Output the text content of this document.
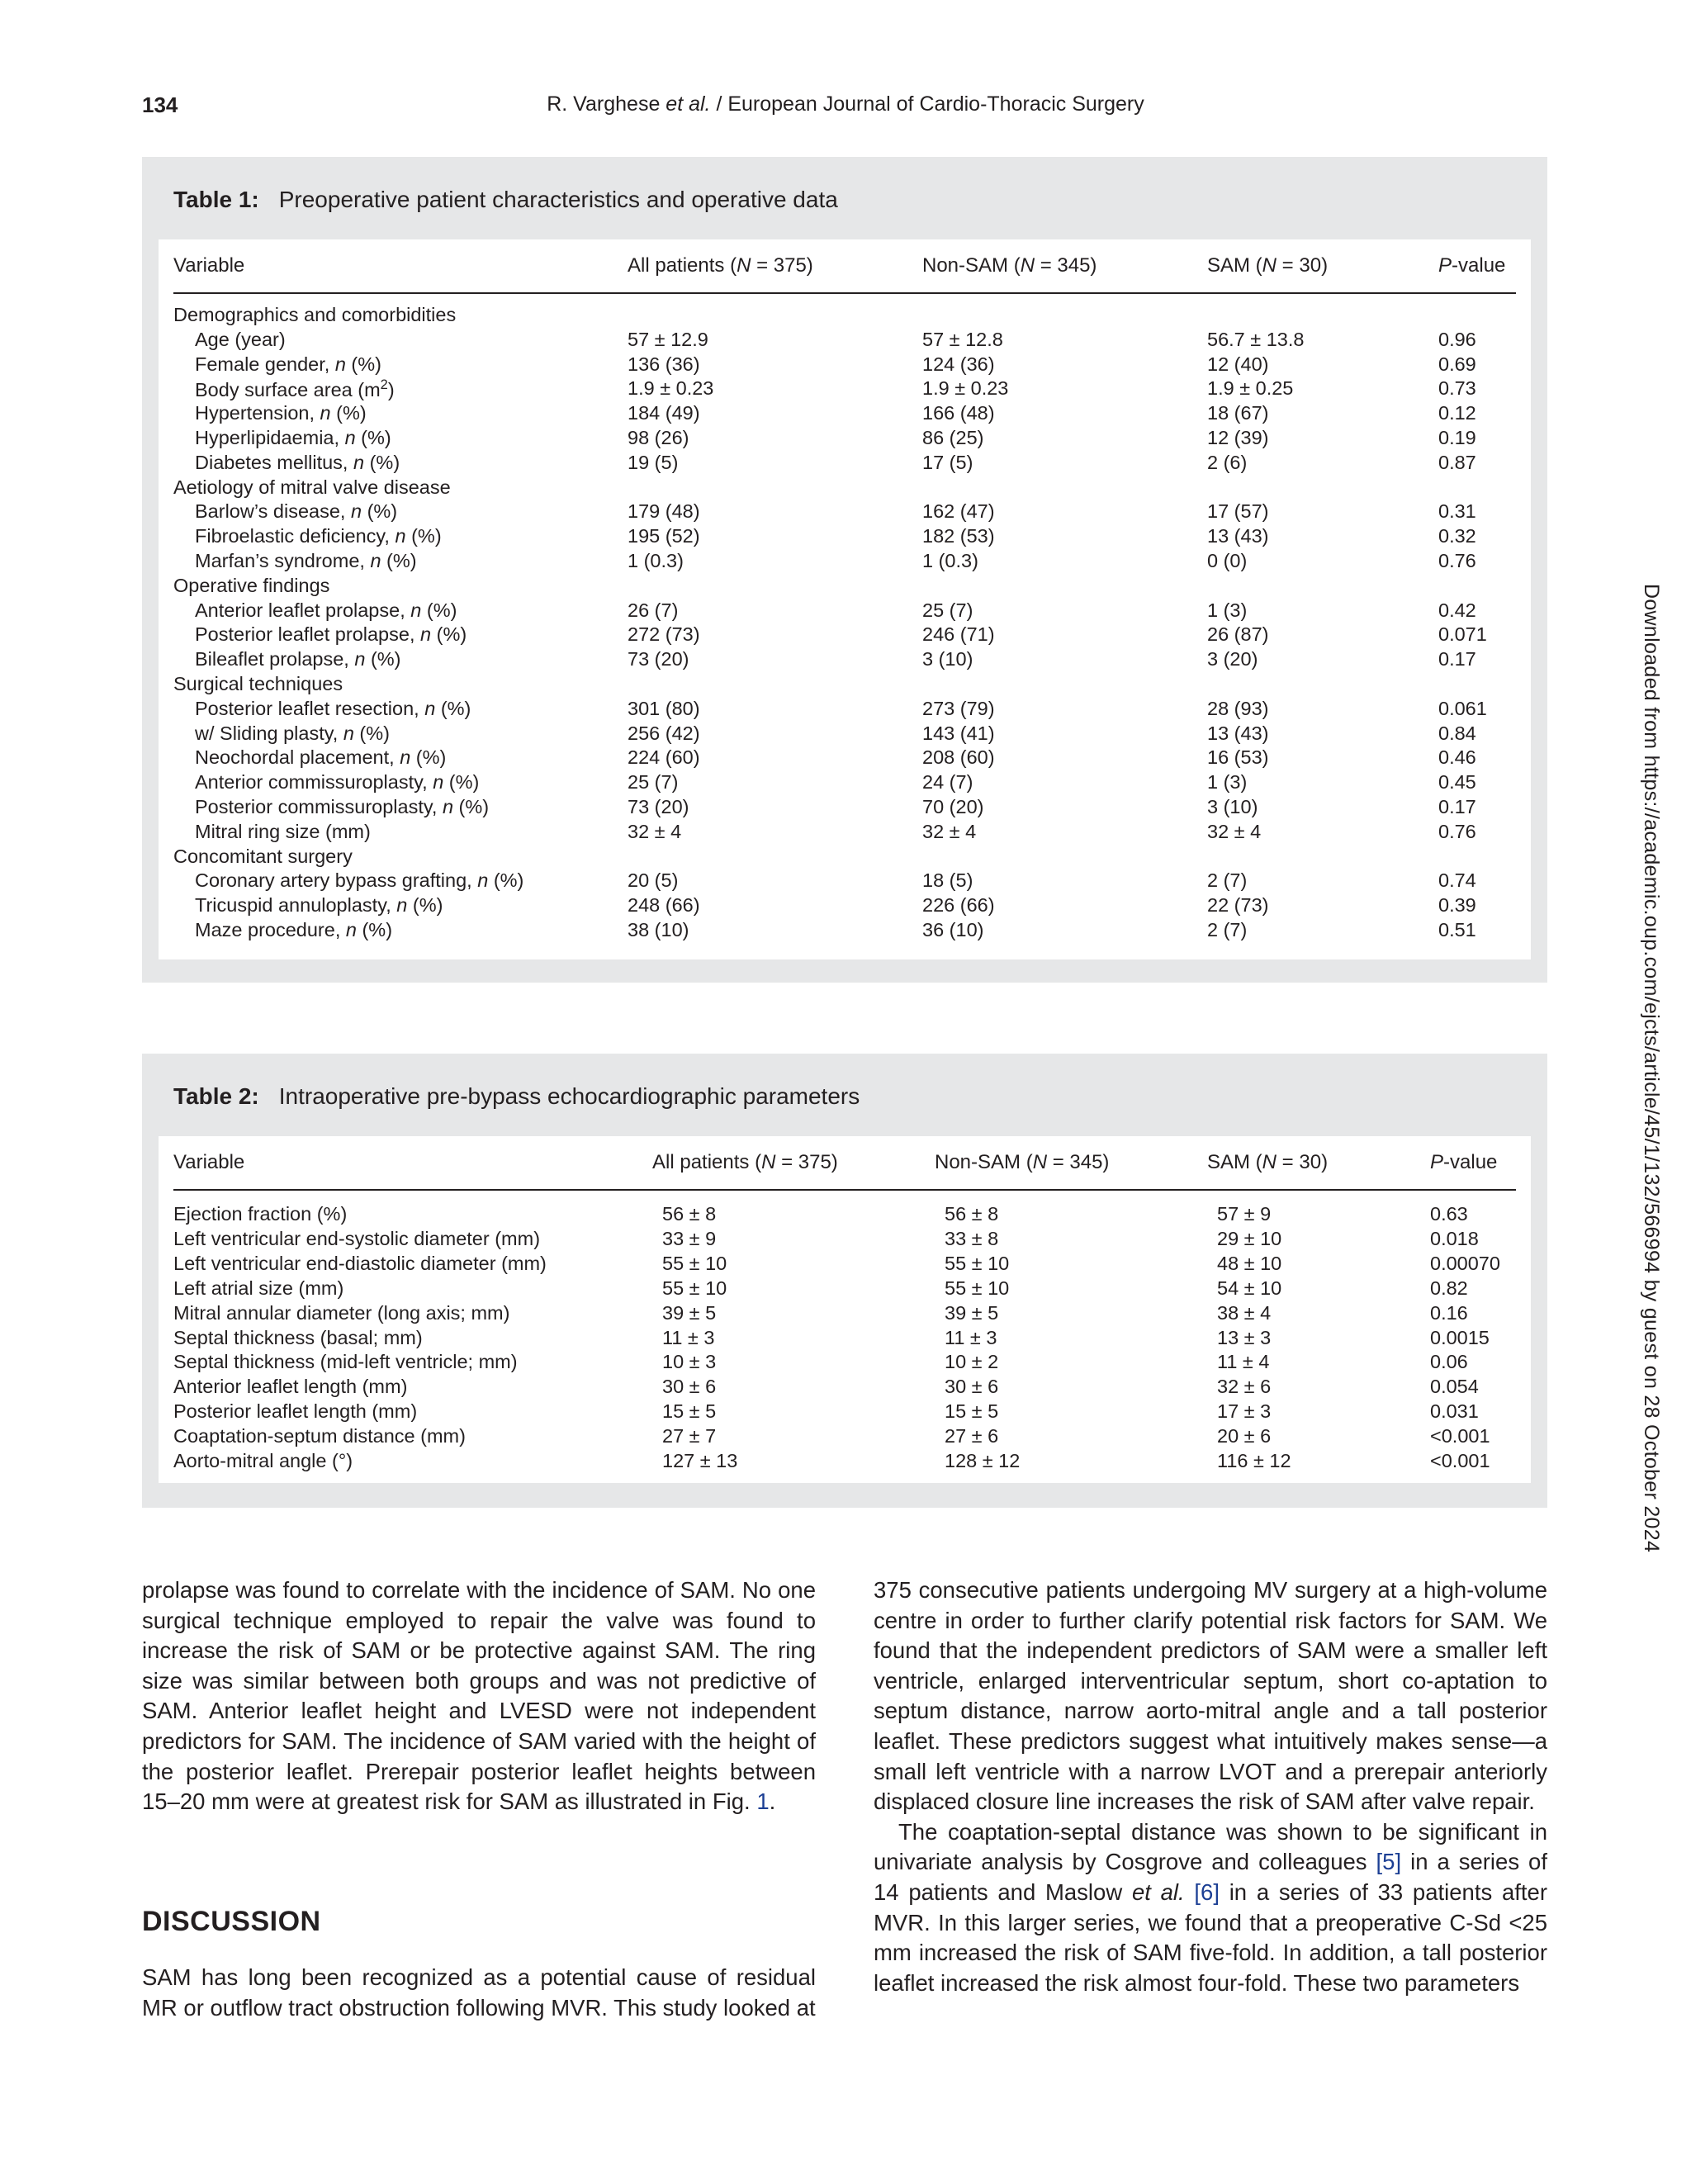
134	R. Varghese et al. / European Journal of Cardio-Thoracic Surgery
Table 1: Preoperative patient characteristics and operative data
Variable	All patients (N = 375)	Non-SAM (N = 345)	SAM (N = 30)	P-value
Demographics and comorbidities
Age (year)	57 ± 12.9	57 ± 12.8	56.7 ± 13.8	0.96
Female gender, n (%)	136 (36)	124 (36)	12 (40)	0.69
Body surface area $(m^2)$	1.9 ± 0.23	1.9 ± 0.23	1.9 ± 0.25	0.73
Hypertension, n (%)	184 (49)	166 (48)	18 (67)	0.12
Hyperlipidaemia, n (%)	98 (26)	86 (25)	12 (39)	0.19
Diabetes mellitus, n (%)	19 (5)	17 (5)	2 (6)	0.87
Aetiology of mitral valve disease
Barlow’s disease, n (%)	179 (48)	162 (47)	17 (57)	0.31
Fibroelastic deficiency, n (%)	195 (52)	182 (53)	13 (43)	0.32
Marfan’s syndrome, n (%)	1 (0.3)	1 (0.3)	0 (0)	0.76
Operative findings
Anterior leaflet prolapse, n (%)	26 (7)	25 (7)	1 (3)	0.42
Posterior leaflet prolapse, n (%)	272 (73)	246 (71)	26 (87)	0.071
Bileaflet prolapse, n (%)	73 (20)	3 (10)	3 (20)	0.17
Surgical techniques
Posterior leaflet resection, n (%)	301 (80)	273 (79)	28 (93)	0.061
w/ Sliding plasty, n (%)	256 (42)	143 (41)	13 (43)	0.84
Neochordal placement, n (%)	224 (60)	208 (60)	16 (53)	0.46
Anterior commissuroplasty, n (%)	25 (7)	24 (7)	1 (3)	0.45
Posterior commissuroplasty, n (%)	73 (20)	70 (20)	3 (10)	0.17
Mitral ring size (mm)	32 ± 4	32 ± 4	32 ± 4	0.76
Concomitant surgery
Coronary artery bypass grafting, n (%)	20 (5)	18 (5)	2 (7)	0.74
Tricuspid annuloplasty, n (%)	248 (66)	226 (66)	22 (73)	0.39
Maze procedure, n (%)	38 (10)	36 (10)	2 (7)	0.51
Table 2: Intraoperative pre-bypass echocardiographic parameters
Variable	All patients (N = 375)	Non-SAM (N = 345)	SAM (N = 30)	P-value
Ejection fraction (%)	56 ± 8	56 ± 8	57 ± 9	0.63
Left ventricular end-systolic diameter (mm)	33 ± 9	33 ± 8	29 ± 10	0.018
Left ventricular end-diastolic diameter (mm)	55 ± 10	55 ± 10	48 ± 10	0.00070
Left atrial size (mm)	55 ± 10	55 ± 10	54 ± 10	0.82
Mitral annular diameter (long axis; mm)	39 ± 5	39 ± 5	38 ± 4	0.16
Septal thickness (basal; mm)	11 ± 3	11 ± 3	13 ± 3	0.0015
Septal thickness (mid-left ventricle; mm)	10 ± 3	10 ± 2	11 ± 4	0.06
Anterior leaflet length (mm)	30 ± 6	30 ± 6	32 ± 6	0.054
Posterior leaflet length (mm)	15 ± 5	15 ± 5	17 ± 3	0.031
Coaptation-septum distance (mm)	27 ± 7	27 ± 6	20 ± 6	<0.001
Aorto-mitral angle (°)	127 ± 13	128 ± 12	116 ± 12	<0.001

prolapse was found to correlate with the incidence of SAM. No one surgical technique employed to repair the valve was found to increase the risk of SAM or be protective against SAM. The ring size was similar between both groups and was not predictive of SAM. Anterior leaflet height and LVESD were not independent predictors for SAM. The incidence of SAM varied with the height of the posterior leaflet. Prerepair posterior leaflet heights between 15–20 mm were at greatest risk for SAM as illustrated in Fig. 1.

DISCUSSION

SAM has long been recognized as a potential cause of residual MR or outflow tract obstruction following MVR. This study looked at

375 consecutive patients undergoing MV surgery at a high-volume centre in order to further clarify potential risk factors for SAM. We found that the independent predictors of SAM were a smaller left ventricle, enlarged interventricular septum, short co-aptation to septum distance, narrow aorto-mitral angle and a tall posterior leaflet. These predictors suggest what intuitively makes sense—a small left ventricle with a narrow LVOT and a prerepair anteriorly displaced closure line increases the risk of SAM after valve repair.

The coaptation-septal distance was shown to be significant in univariate analysis by Cosgrove and colleagues [5] in a series of 14 patients and Maslow et al. [6] in a series of 33 patients after MVR. In this larger series, we found that a preoperative C-Sd <25 mm increased the risk of SAM five-fold. In addition, a tall posterior leaflet increased the risk almost four-fold. These two parameters

Downloaded from https://academic.oup.com/ejcts/article/45/1/132/566994 by guest on 28 October 2024
